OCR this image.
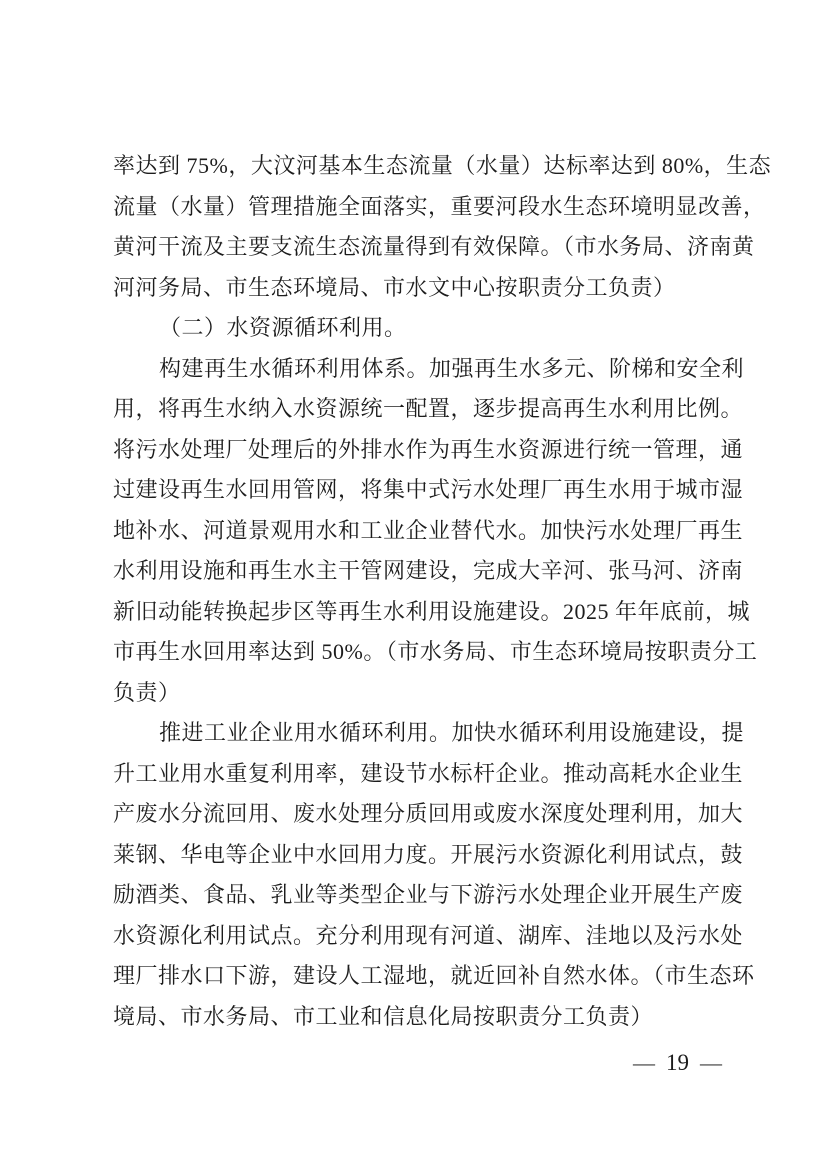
率达到 75%，大汶河基本生态流量（水量）达标率达到 80%，生态
流量（水量）管理措施全面落实，重要河段水生态环境明显改善，
黄河干流及主要支流生态流量得到有效保障。（市水务局、济南黄
河河务局、市生态环境局、市水文中心按职责分工负责）
（二）水资源循环利用。
构建再生水循环利用体系。加强再生水多元、阶梯和安全利
用，将再生水纳入水资源统一配置，逐步提高再生水利用比例。
将污水处理厂处理后的外排水作为再生水资源进行统一管理，通
过建设再生水回用管网，将集中式污水处理厂再生水用于城市湿
地补水、河道景观用水和工业企业替代水。加快污水处理厂再生
水利用设施和再生水主干管网建设，完成大辛河、张马河、济南
新旧动能转换起步区等再生水利用设施建设。2025 年年底前，城
市再生水回用率达到 50%。（市水务局、市生态环境局按职责分工
负责）
推进工业企业用水循环利用。加快水循环利用设施建设，提
升工业用水重复利用率，建设节水标杆企业。推动高耗水企业生
产废水分流回用、废水处理分质回用或废水深度处理利用，加大
莱钢、华电等企业中水回用力度。开展污水资源化利用试点，鼓
励酒类、食品、乳业等类型企业与下游污水处理企业开展生产废
水资源化利用试点。充分利用现有河道、湖库、洼地以及污水处
理厂排水口下游，建设人工湿地，就近回补自然水体。（市生态环
境局、市水务局、市工业和信息化局按职责分工负责）
— 19 —
